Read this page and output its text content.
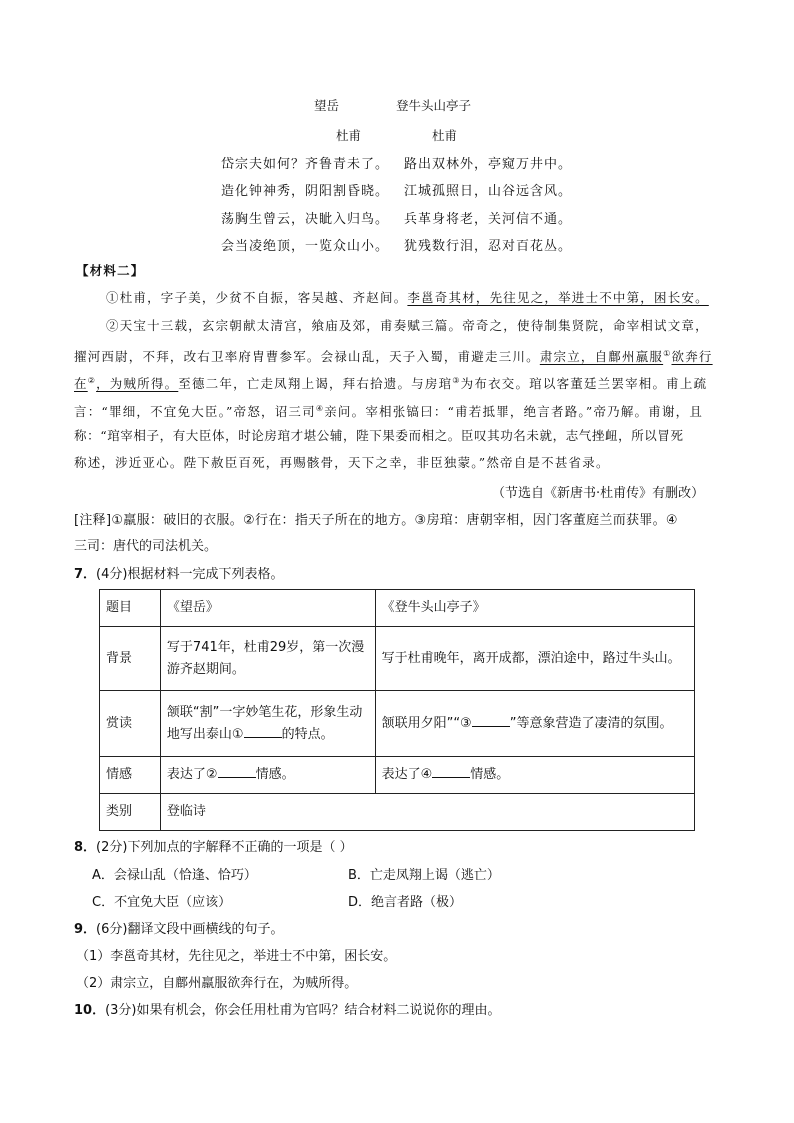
望岳	登牛头山亭子
杜甫	杜甫
岱宗夫如何？齐鲁青未了。 路出双林外，亭窥万井中。
造化钟神秀，阴阳割昏晓。 江城孤照日，山谷远含风。
荡胸生曾云，决眦入归鸟。 兵革身将老，关河信不通。
会当凌绝顶，一览众山小。 犹残数行泪，忍对百花丛。
【材料二】
①杜甫，字子美，少贫不自振，客吴越、齐赵间。李邕奇其材，先往见之，举进士不中第，困长安。
②天宝十三载，玄宗朝献太清宫，飨庙及郊，甫奏赋三篇。帝奇之，使待制集贤院，命宰相试文章，
擢河西尉，不拜，改右卫率府胄曹参军。会禄山乱，天子入蜀，甫避走三川。肃宗立，自鄜州羸服①欲奔行
在②，为贼所得。至德二年，亡走凤翔上谒，拜右拾遗。与房琯③为布衣交。琯以客董廷兰罢宰相。甫上疏
言：“罪细，不宜免大臣。”帝怒，诏三司④亲问。宰相张镐曰：“甫若抵罪，绝言者路。”帝乃解。甫谢，且
称：“琯宰相子，有大臣体，时论房琯才堪公辅，陛下果委而相之。臣叹其功名未就，志气挫衄，所以冒死
称述，涉近亚心。陛下赦臣百死，再赐骸骨，天下之幸，非臣独蒙。”然帝自是不甚省录。
（节选自《新唐书·杜甫传》有删改）
[注释]①羸服：破旧的衣服。②行在：指天子所在的地方。③房琯：唐朝宰相，因门客董庭兰而获罪。④
三司：唐代的司法机关。
7．(4分)根据材料一完成下列表格。
题目	《望岳》	《登牛头山亭子》
背景	写于741年，杜甫29岁，第一次漫游齐赵期间。	写于杜甫晚年，离开成都，漂泊途中，路过牛头山。
赏读	颔联“割”一字妙笔生花，形象生动地写出泰山① 的特点。	颔联用夕阳”“③ ”等意象营造了凄清的氛围。
情感	表达了② 情感。	表达了④ 情感。
类别	登临诗	
8．(2分)下列加点的字解释不正确的一项是（ ）
A．会禄山乱（恰逢、恰巧）	B．亡走凤翔上谒（逃亡）
C．不宜免大臣（应该）	D．绝言者路（极）
9．(6分)翻译文段中画横线的句子。
（1）李邕奇其材，先往见之，举进士不中第，困长安。
（2）肃宗立，自鄜州羸服欲奔行在，为贼所得。
10．(3分)如果有机会，你会任用杜甫为官吗？结合材料二说说你的理由。
